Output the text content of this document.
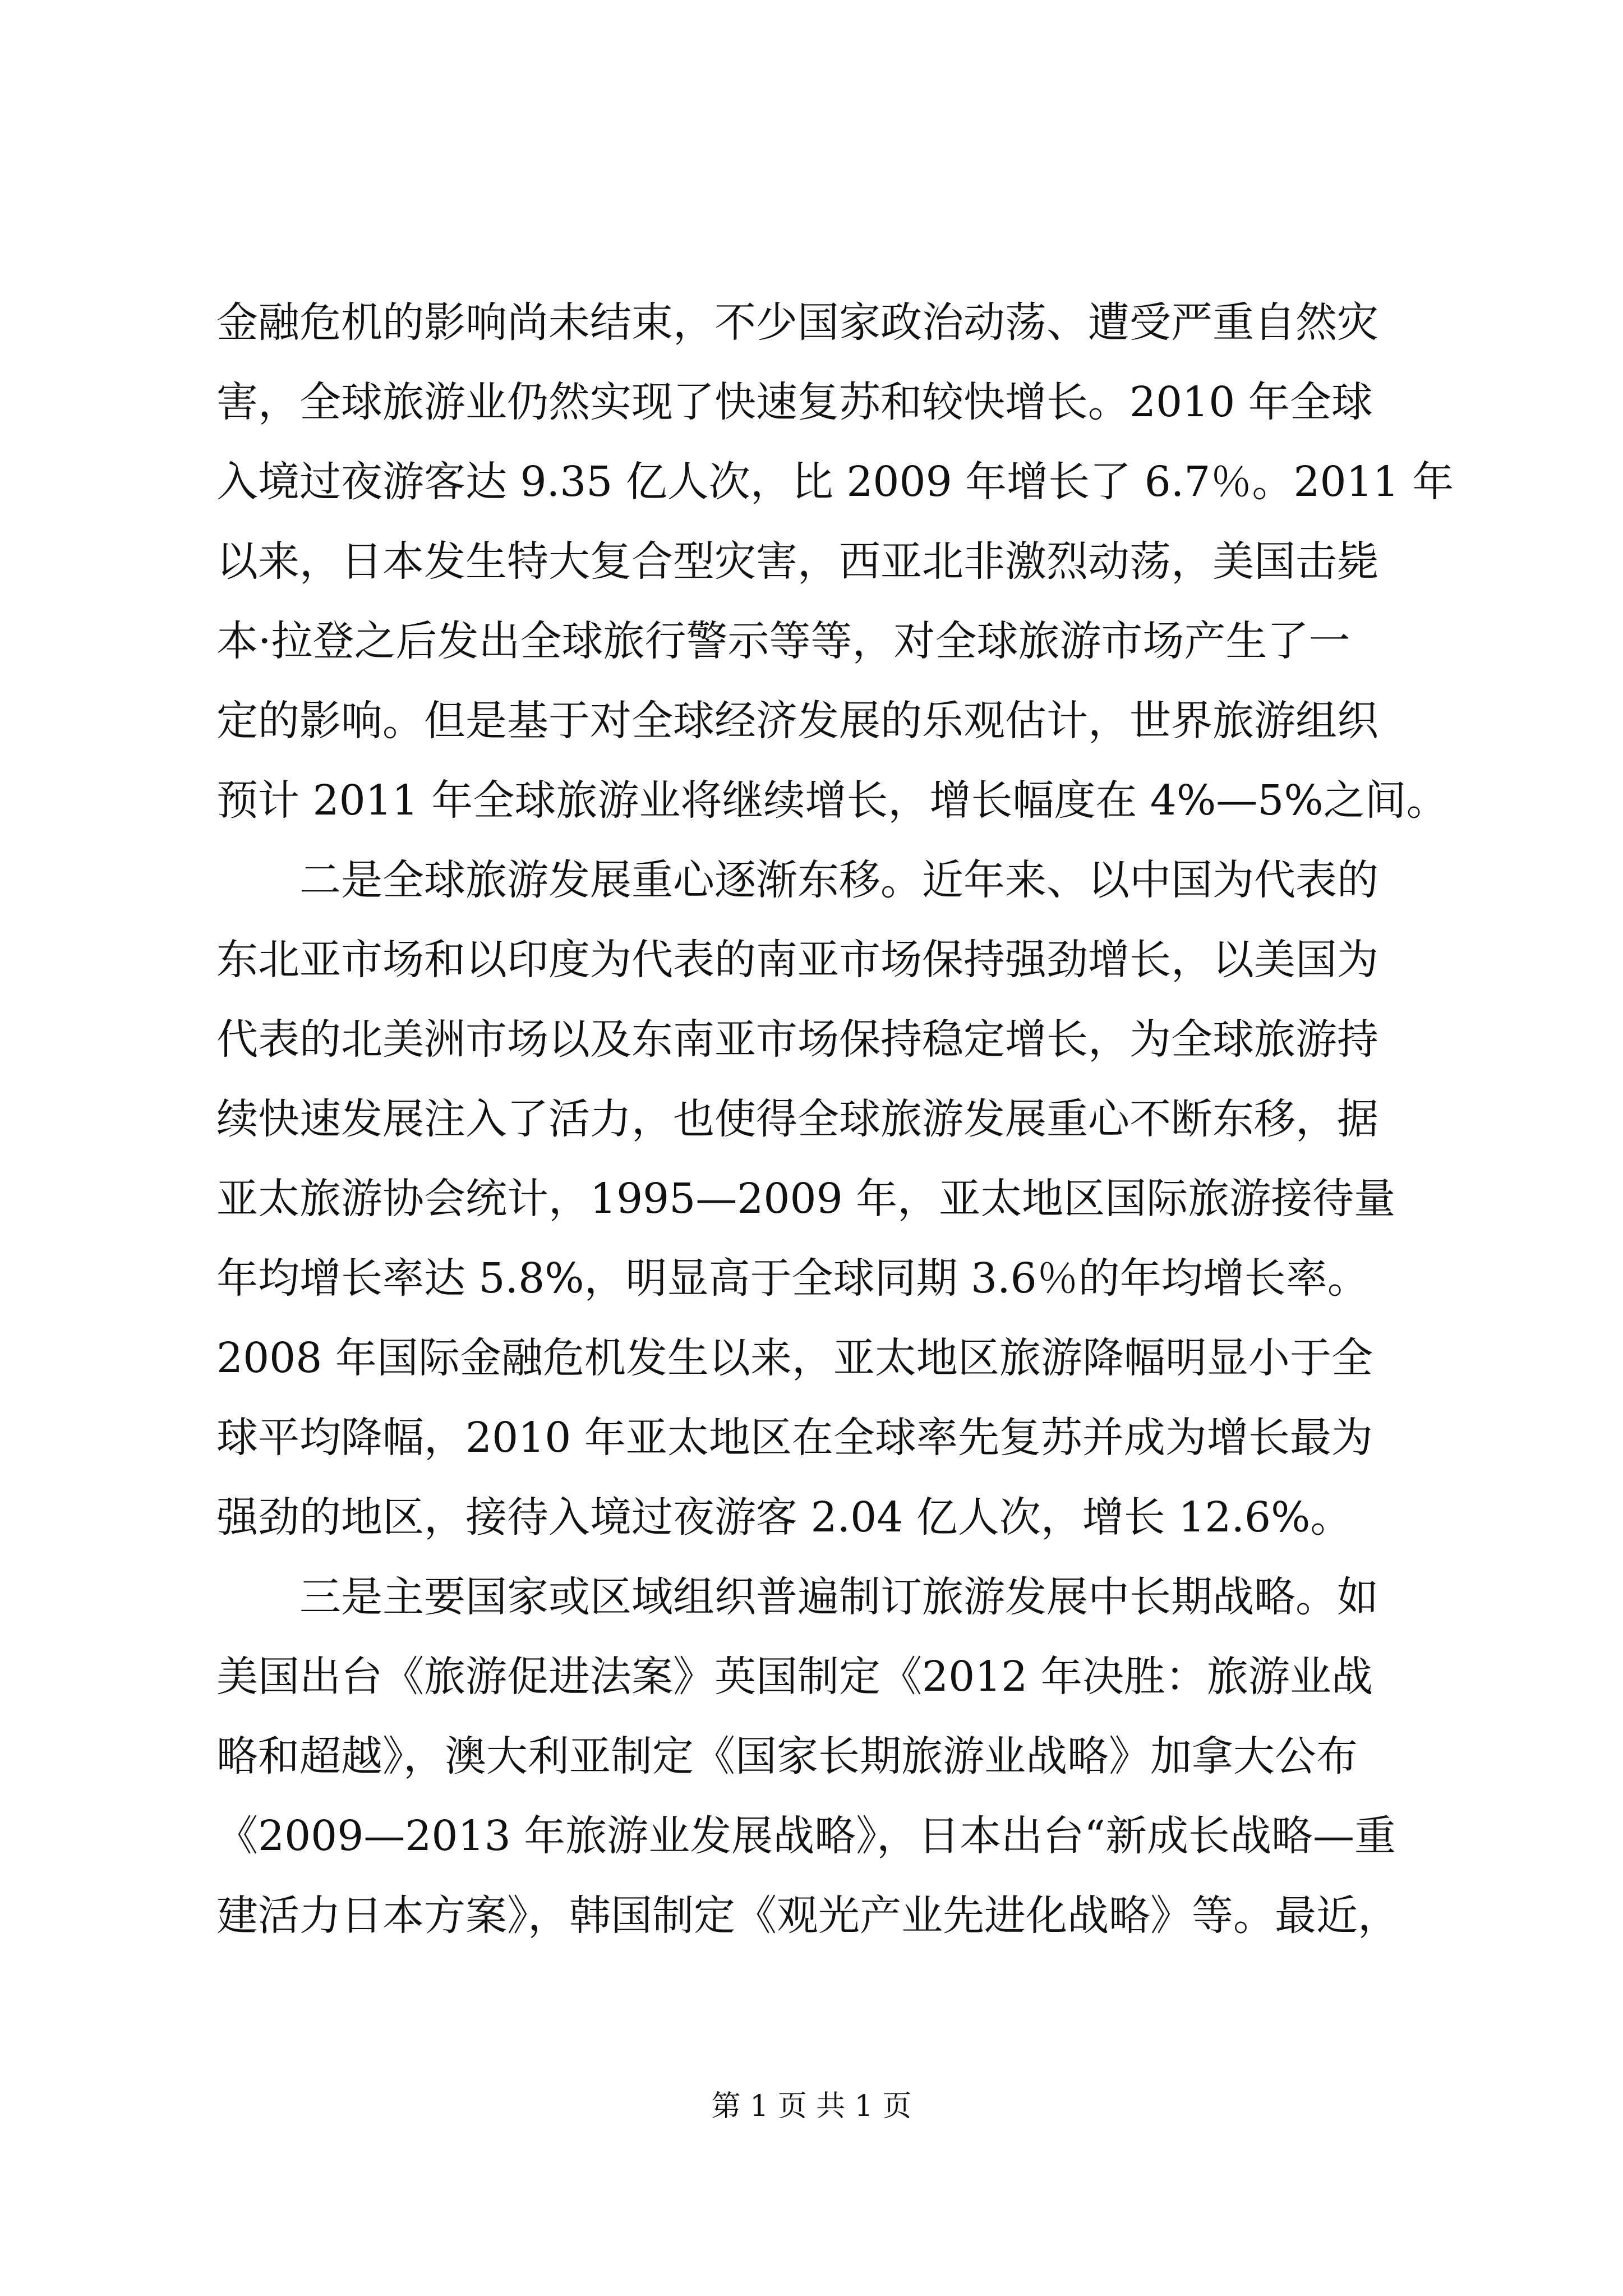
金融危机的影响尚未结束，不少国家政治动荡、遭受严重自然灾
害，全球旅游业仍然实现了快速复苏和较快增长。2010 年全球
入境过夜游客达 9.35 亿人次，比 2009 年增长了 6.7％。2011 年
以来，日本发生特大复合型灾害，西亚北非激烈动荡，美国击毙
本·拉登之后发出全球旅行警示等等，对全球旅游市场产生了一
定的影响。但是基于对全球经济发展的乐观估计，世界旅游组织
预计 2011 年全球旅游业将继续增长，增长幅度在 4%—5%之间。
　　二是全球旅游发展重心逐渐东移。近年来、以中国为代表的
东北亚市场和以印度为代表的南亚市场保持强劲增长，以美国为
代表的北美洲市场以及东南亚市场保持稳定增长，为全球旅游持
续快速发展注入了活力，也使得全球旅游发展重心不断东移，据
亚太旅游协会统计，1995—2009 年，亚太地区国际旅游接待量
年均增长率达 5.8%，明显高于全球同期 3.6％的年均增长率。
2008 年国际金融危机发生以来，亚太地区旅游降幅明显小于全
球平均降幅，2010 年亚太地区在全球率先复苏并成为增长最为
强劲的地区，接待入境过夜游客 2.04 亿人次，增长 12.6%。
　　三是主要国家或区域组织普遍制订旅游发展中长期战略。如
美国出台《旅游促进法案》英国制定《2012 年决胜：旅游业战
略和超越》，澳大利亚制定《国家长期旅游业战略》加拿大公布
《2009—2013 年旅游业发展战略》，日本出台“新成长战略—重
建活力日本方案》，韩国制定《观光产业先进化战略》等。最近，
第 1 页 共 1 页
